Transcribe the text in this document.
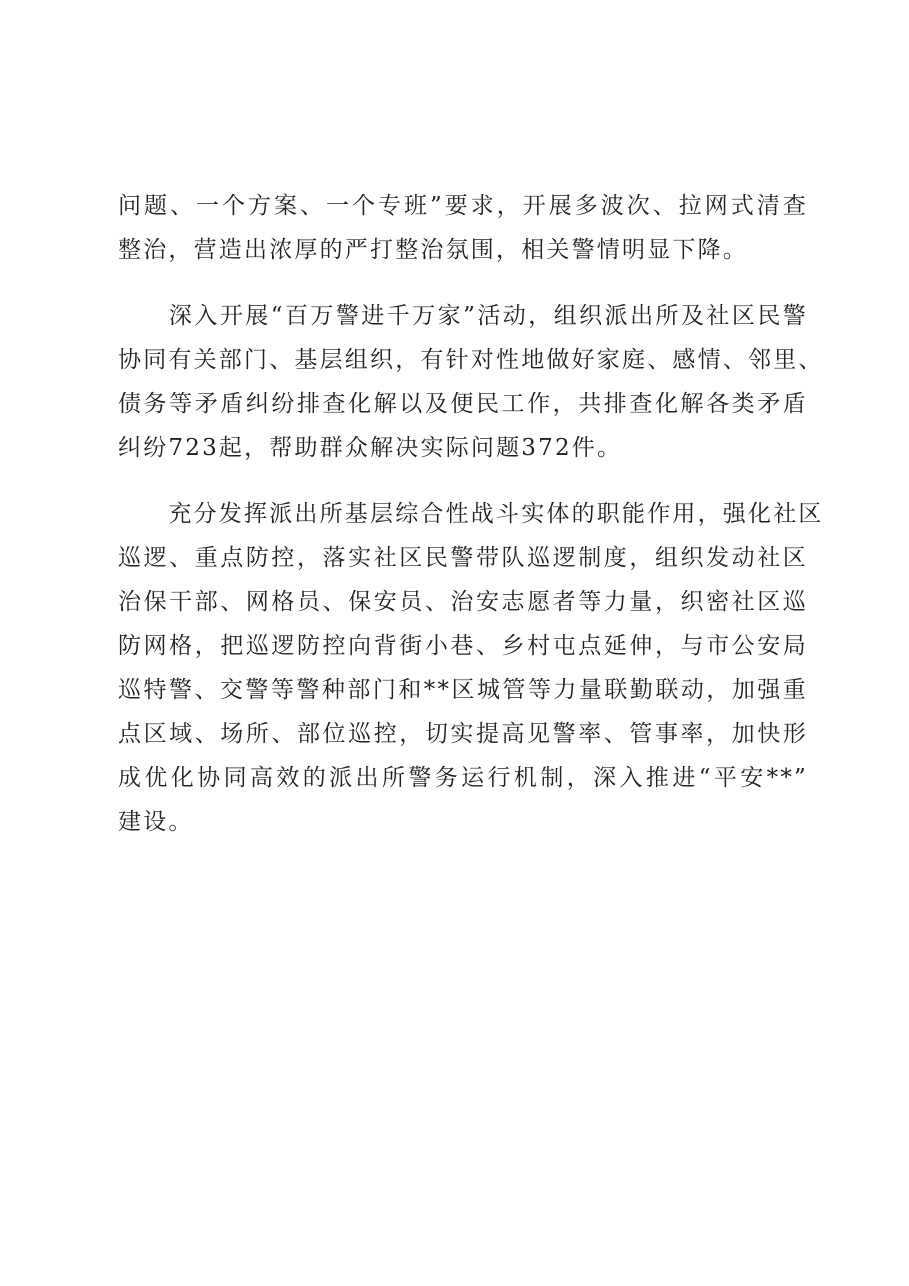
问题、一个方案、一个专班”要求，开展多波次、拉网式清查
整治，营造出浓厚的严打整治氛围，相关警情明显下降。

　　深入开展“百万警进千万家”活动，组织派出所及社区民警
协同有关部门、基层组织，有针对性地做好家庭、感情、邻里、
债务等矛盾纠纷排查化解以及便民工作，共排查化解各类矛盾
纠纷723起，帮助群众解决实际问题372件。

　　充分发挥派出所基层综合性战斗实体的职能作用，强化社区
巡逻、重点防控，落实社区民警带队巡逻制度，组织发动社区
治保干部、网格员、保安员、治安志愿者等力量，织密社区巡
防网格，把巡逻防控向背街小巷、乡村屯点延伸，与市公安局
巡特警、交警等警种部门和**区城管等力量联勤联动，加强重
点区域、场所、部位巡控，切实提高见警率、管事率，加快形
成优化协同高效的派出所警务运行机制，深入推进“平安**”
建设。
